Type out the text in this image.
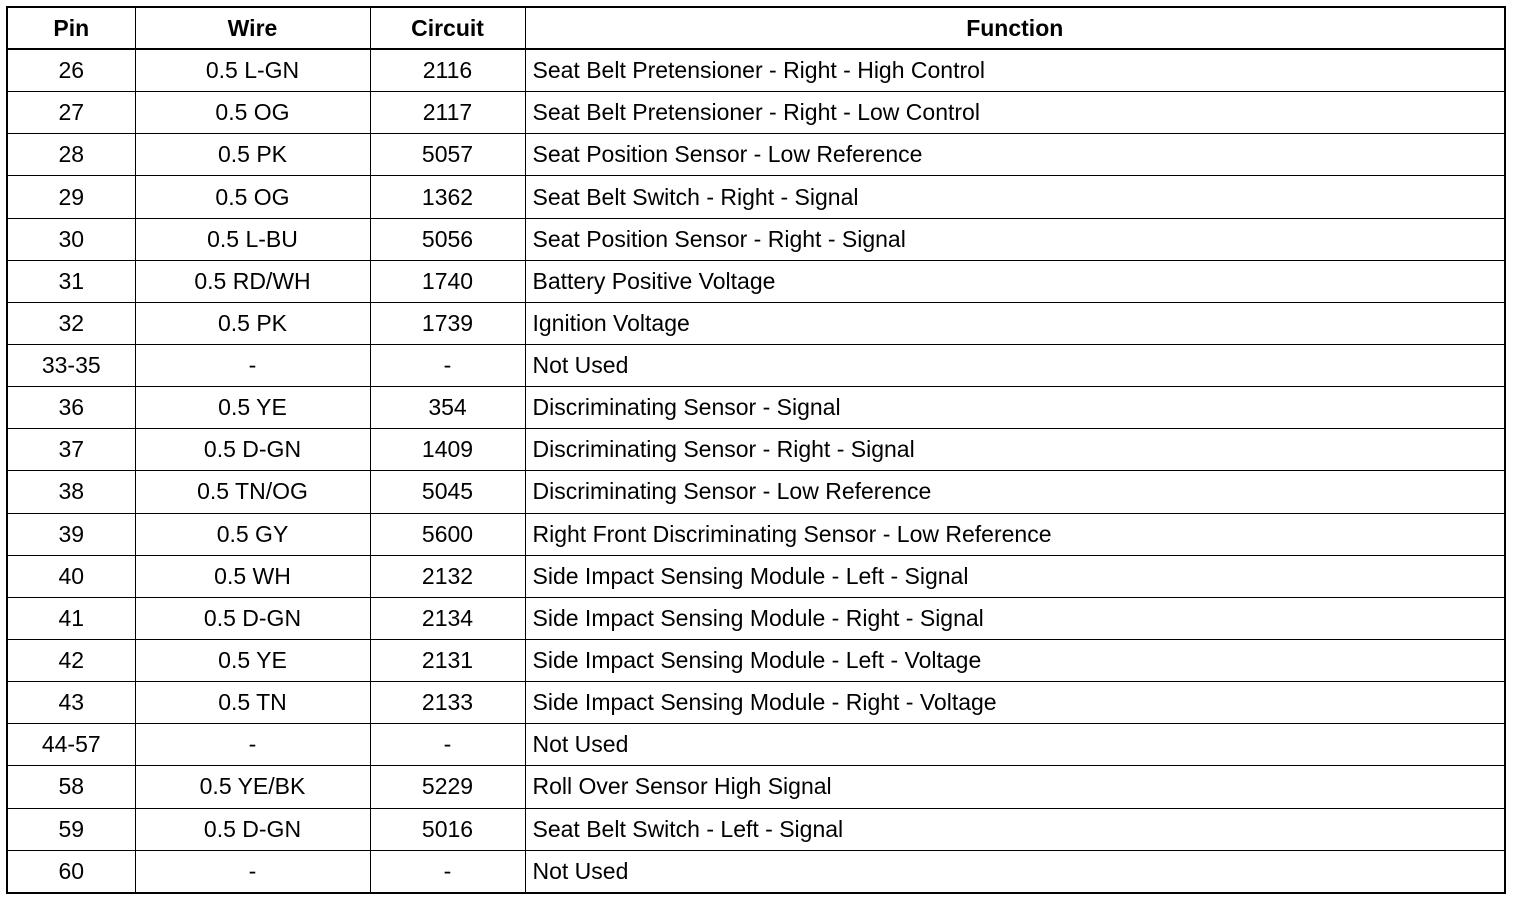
Pin	Wire	Circuit	Function
26	0.5 L-GN	2116	Seat Belt Pretensioner - Right - High Control
27	0.5 OG	2117	Seat Belt Pretensioner - Right - Low Control
28	0.5 PK	5057	Seat Position Sensor - Low Reference
29	0.5 OG	1362	Seat Belt Switch - Right - Signal
30	0.5 L-BU	5056	Seat Position Sensor - Right - Signal
31	0.5 RD/WH	1740	Battery Positive Voltage
32	0.5 PK	1739	Ignition Voltage
33-35	-	-	Not Used
36	0.5 YE	354	Discriminating Sensor - Signal
37	0.5 D-GN	1409	Discriminating Sensor - Right - Signal
38	0.5 TN/OG	5045	Discriminating Sensor - Low Reference
39	0.5 GY	5600	Right Front Discriminating Sensor - Low Reference
40	0.5 WH	2132	Side Impact Sensing Module - Left - Signal
41	0.5 D-GN	2134	Side Impact Sensing Module - Right - Signal
42	0.5 YE	2131	Side Impact Sensing Module - Left - Voltage
43	0.5 TN	2133	Side Impact Sensing Module - Right - Voltage
44-57	-	-	Not Used
58	0.5 YE/BK	5229	Roll Over Sensor High Signal
59	0.5 D-GN	5016	Seat Belt Switch - Left - Signal
60	-	-	Not Used
